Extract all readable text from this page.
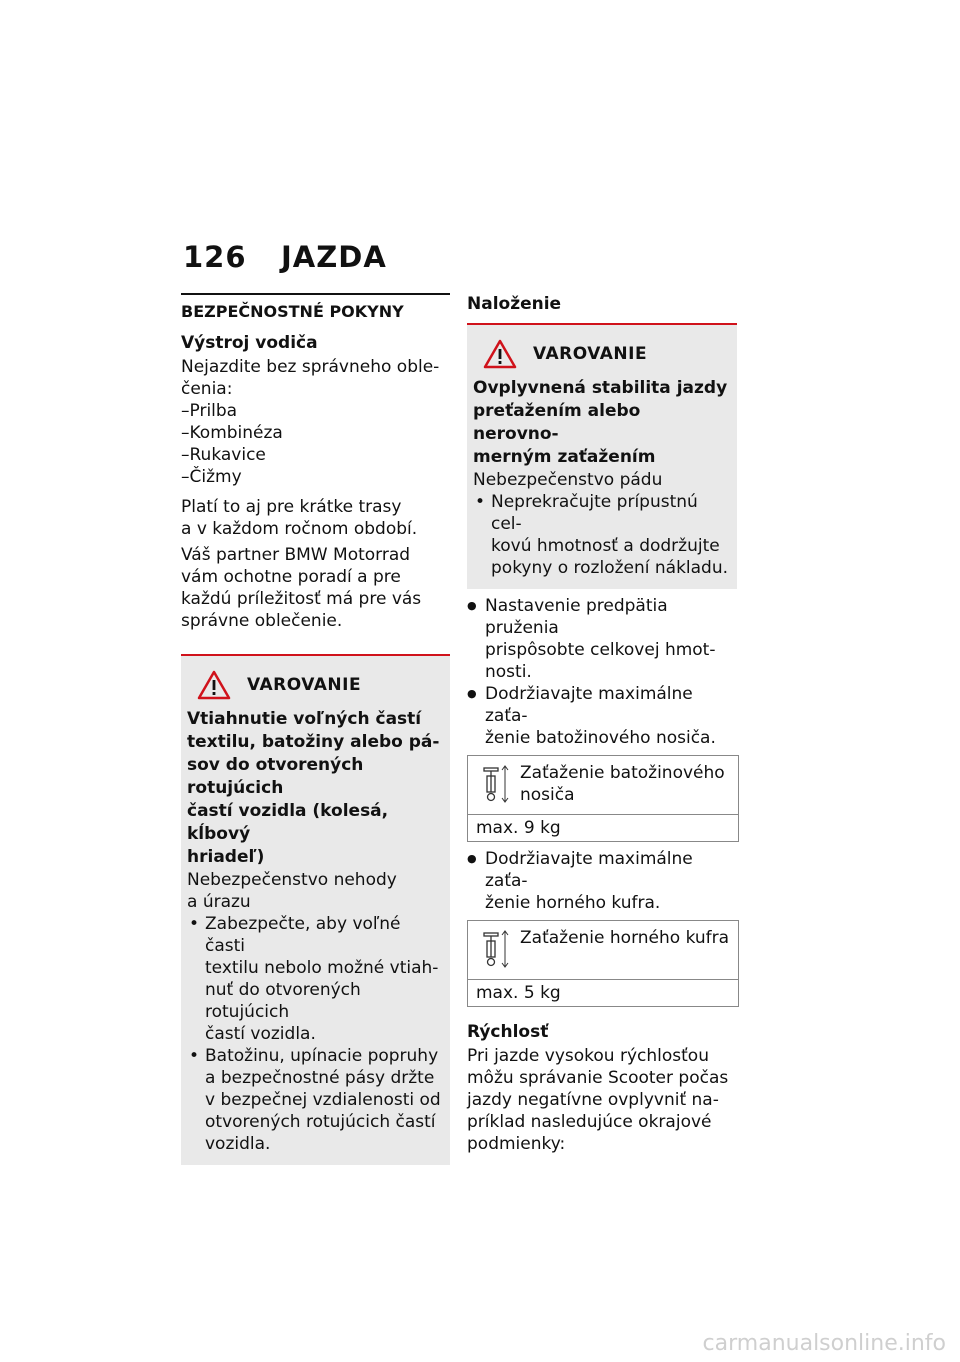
126 JAZDA

BEZPEČNOSTNÉ POKYNY

Výstroj vodiča

Nejazdite bez správneho oble-

čenia:

– Prilba
– Kombinéza
– Rukavice
– Čižmy

Platí to aj pre krátke trasy

a v každom ročnom období.

Váš partner BMW Motorrad

vám ochotne poradí a pre

každú príležitosť má pre vás

správne oblečenie.

VAROVANIE

Vtiahnutie voľných častí

textilu, batožiny alebo pá-

sov do otvorených rotujúcich

častí vozidla (kolesá, kĺbový

hriadeľ)

Nebezpečenstvo nehody

a úrazu

• Zabezpečte, aby voľné časti
textilu nebolo možné vtiah-
nuť do otvorených rotujúcich
častí vozidla.
• Batožinu, upínacie popruhy
a bezpečnostné pásy držte
v bezpečnej vzdialenosti od
otvorených rotujúcich častí
vozidla.

Naloženie

VAROVANIE

Ovplyvnená stabilita jazdy

preťažením alebo nerovno-

merným zaťažením

Nebezpečenstvo pádu

• Neprekračujte prípustnú cel-
kovú hmotnosť a dodržujte
pokyny o rozložení nákladu.
● Nastavenie predpätia pruženia
prispôsobte celkovej hmot-
nosti.
● Dodržiavajte maximálne zaťa-
ženie batožinového nosiča.
Zaťaženie batožinového
nosiča
max. 9 kg
● Dodržiavajte maximálne zaťa-
ženie horného kufra.
Zaťaženie horného kufra
max. 5 kg

Rýchlosť

Pri jazde vysokou rýchlosťou

môžu správanie Scooter počas

jazdy negatívne ovplyvniť na-

príklad nasledujúce okrajové

podmienky:

carmanualsonline.info
